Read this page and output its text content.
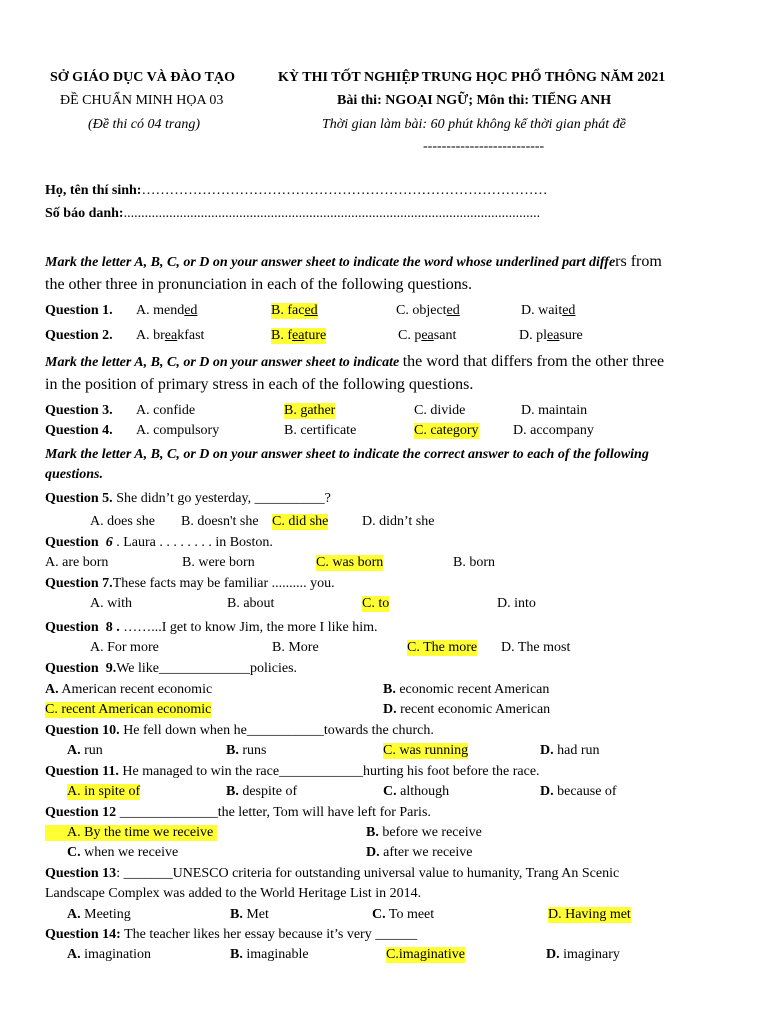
SỞ GIÁO DỤC VÀ ĐÀO TẠO
ĐỀ CHUẨN MINH HỌA 03
(Đề thi có 04 trang)
KỲ THI TỐT NGHIỆP TRUNG HỌC PHỔ THÔNG NĂM 2021
Bài thi: NGOẠI NGỮ; Môn thi: TIẾNG ANH
Thời gian làm bài: 60 phút không kể thời gian phát đề
--------------------------
Họ, tên thí sinh:……………………………………………………………………………
Số báo danh:.......................................................................................................................
Mark the letter A, B, C, or D on your answer sheet to indicate the word whose underlined part differs from
the other three in pronunciation in each of the following questions.
Question 1. A. mended	B. faced	C. objected	D. waited
Question 2. A. breakfast	B. feature	C. peasant	D. pleasure
Mark the letter A, B, C, or D on your answer sheet to indicate the word that differs from the other three
in the position of primary stress in each of the following questions.
Question 3. A. confide	B. gather	C. divide	D. maintain
Question 4. A. compulsory	B. certificate	C. category D. accompany
Mark the letter A, B, C, or D on your answer sheet to indicate the correct answer to each of the following
questions.
Question 5. She didn’t go yesterday, __________?
A. does she B. doesn't she C. did she D. didn’t she
Question 6 . Laura . . . . . . . . in Boston.
A. are born	B. were born	C. was born	B. born
Question 7.These facts may be familiar .......... you.
A. with	B. about	C. to	D. into
Question 8 . ……...I get to know Jim, the more I like him.
A. For more	B. More	C. The more D. The most
Question 9.We like_____________policies.
A. American recent economic	B. economic recent American
C. recent American economic	D. recent economic American
Question 10. He fell down when he___________towards the church.
A. run	B. runs	C. was running	D. had run
Question 11. He managed to win the race____________hurting his foot before the race.
A. in spite of	B. despite of	C. although	D. because of
Question 12 ______________the letter, Tom will have left for Paris.
A. By the time we receive	B. before we receive
C. when we receive	D. after we receive
Question 13: _______UNESCO criteria for outstanding universal value to humanity, Trang An Scenic
Landscape Complex was added to the World Heritage List in 2014.
A. Meeting	B. Met	C. To meet	D. Having met
Question 14: The teacher likes her essay because it’s very ______
A. imagination	B. imaginable	C.imaginative	D. imaginary
